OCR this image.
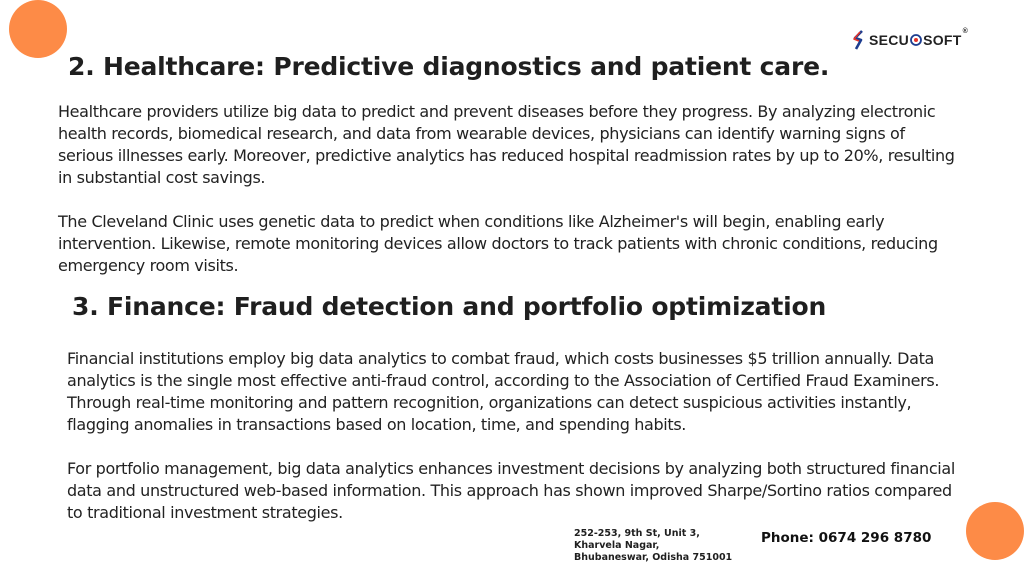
SECU SOFT®
2. Healthcare: Predictive diagnostics and patient care.

Healthcare providers utilize big data to predict and prevent diseases before they progress. By analyzing electronic health records, biomedical research, and data from wearable devices, physicians can identify warning signs of serious illnesses early. Moreover, predictive analytics has reduced hospital readmission rates by up to 20%, resulting in substantial cost savings.

The Cleveland Clinic uses genetic data to predict when conditions like Alzheimer's will begin, enabling early intervention. Likewise, remote monitoring devices allow doctors to track patients with chronic conditions, reducing emergency room visits.

3. Finance: Fraud detection and portfolio optimization

Financial institutions employ big data analytics to combat fraud, which costs businesses $5 trillion annually. Data analytics is the single most effective anti-fraud control, according to the Association of Certified Fraud Examiners. Through real-time monitoring and pattern recognition, organizations can detect suspicious activities instantly, flagging anomalies in transactions based on location, time, and spending habits.

For portfolio management, big data analytics enhances investment decisions by analyzing both structured financial data and unstructured web-based information. This approach has shown improved Sharpe/Sortino ratios compared to traditional investment strategies.

252-253, 9th St, Unit 3,
Kharvela Nagar,
Bhubaneswar, Odisha 751001
Phone: 0674 296 8780
